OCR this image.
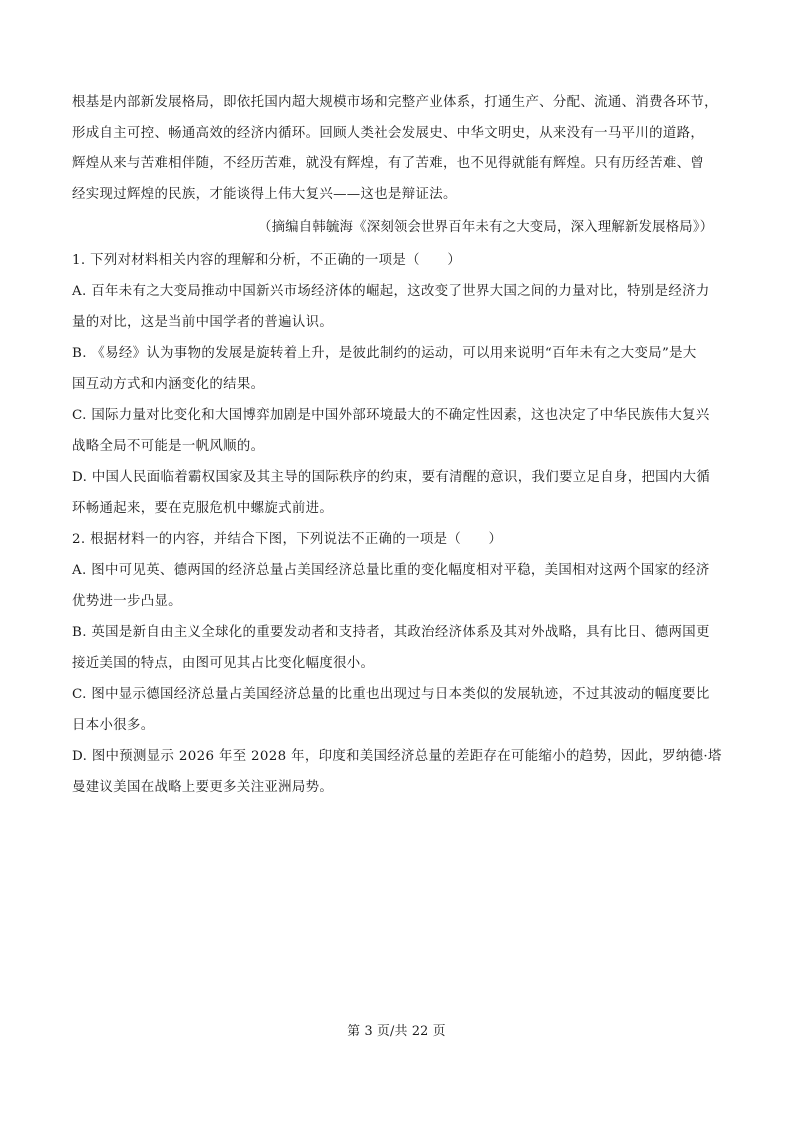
根基是内部新发展格局，即依托国内超大规模市场和完整产业体系，打通生产、分配、流通、消费各环节，
形成自主可控、畅通高效的经济内循环。回顾人类社会发展史、中华文明史，从来没有一马平川的道路，
辉煌从来与苦难相伴随，不经历苦难，就没有辉煌，有了苦难，也不见得就能有辉煌。只有历经苦难、曾
经实现过辉煌的民族，才能谈得上伟大复兴——这也是辩证法。
（摘编自韩毓海《深刻领会世界百年未有之大变局，深入理解新发展格局》）
1. 下列对材料相关内容的理解和分析，不正确的一项是（　　）
A. 百年未有之大变局推动中国新兴市场经济体的崛起，这改变了世界大国之间的力量对比，特别是经济力
量的对比，这是当前中国学者的普遍认识。
B. 《易经》认为事物的发展是旋转着上升，是彼此制约的运动，可以用来说明“百年未有之大变局”是大
国互动方式和内涵变化的结果。
C. 国际力量对比变化和大国博弈加剧是中国外部环境最大的不确定性因素，这也决定了中华民族伟大复兴
战略全局不可能是一帆风顺的。
D. 中国人民面临着霸权国家及其主导的国际秩序的约束，要有清醒的意识，我们要立足自身，把国内大循
环畅通起来，要在克服危机中螺旋式前进。
2. 根据材料一的内容，并结合下图，下列说法不正确的一项是（　　）
A. 图中可见英、德两国的经济总量占美国经济总量比重的变化幅度相对平稳，美国相对这两个国家的经济
优势进一步凸显。
B. 英国是新自由主义全球化的重要发动者和支持者，其政治经济体系及其对外战略，具有比日、德两国更
接近美国的特点，由图可见其占比变化幅度很小。
C. 图中显示德国经济总量占美国经济总量的比重也出现过与日本类似的发展轨迹，不过其波动的幅度要比
日本小很多。
D. 图中预测显示 2026 年至 2028 年，印度和美国经济总量的差距存在可能缩小的趋势，因此，罗纳德·塔
曼建议美国在战略上要更多关注亚洲局势。
第 3 页/共 22 页
